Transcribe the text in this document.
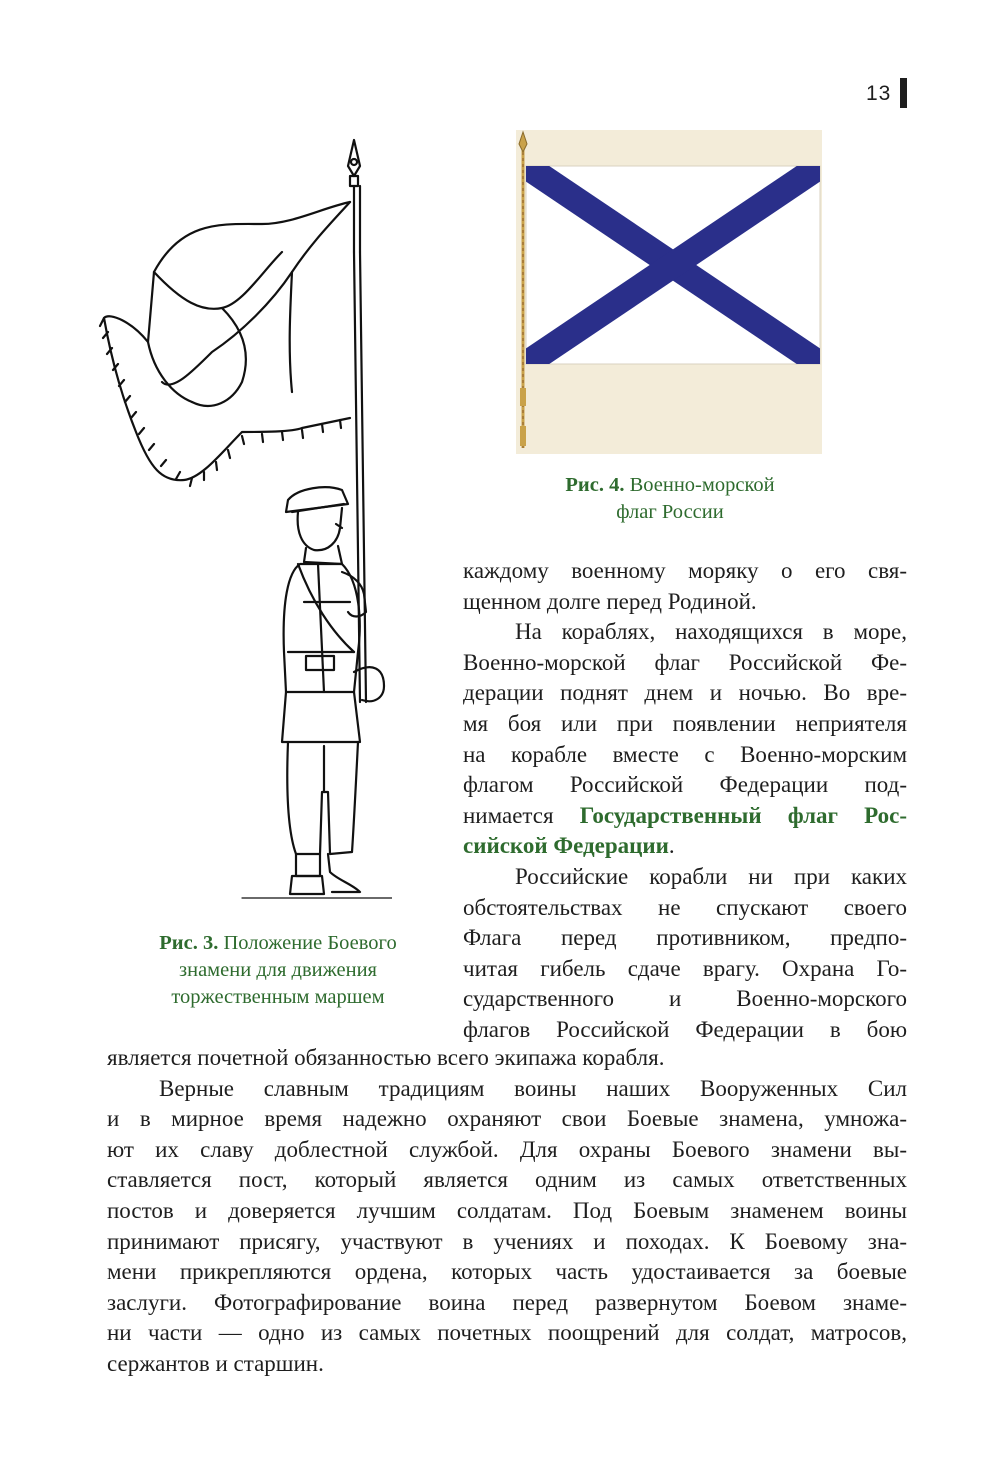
13
Рис. 4. Военно-морской
флаг России
Рис. 3. Положение Боевого
знамени для движения
торжественным маршем
каждому военному моряку о его свя-
щенном долге перед Родиной.
На кораблях, находящихся в море,
Военно-морской флаг Российской Фе-
дерации поднят днем и ночью. Во вре-
мя боя или при появлении неприятеля
на корабле вместе с Военно-морским
флагом Российской Федерации под-
нимается Государственный флаг Рос-
сийской Федерации.
Российские корабли ни при каких
обстоятельствах не спускают своего
Флага перед противником, предпо-
читая гибель сдаче врагу. Охрана Го-
сударственного и Военно-морского
флагов Российской Федерации в бою
является почетной обязанностью всего экипажа корабля.
Верные славным традициям воины наших Вооруженных Сил
и в мирное время надежно охраняют свои Боевые знамена, умножа-
ют их славу доблестной службой. Для охраны Боевого знамени вы-
ставляется пост, который является одним из самых ответственных
постов и доверяется лучшим солдатам. Под Боевым знаменем воины
принимают присягу, участвуют в учениях и походах. К Боевому зна-
мени прикрепляются ордена, которых часть удостаивается за боевые
заслуги. Фотографирование воина перед развернутом Боевом знаме-
ни части — одно из самых почетных поощрений для солдат, матросов,
сержантов и старшин.
